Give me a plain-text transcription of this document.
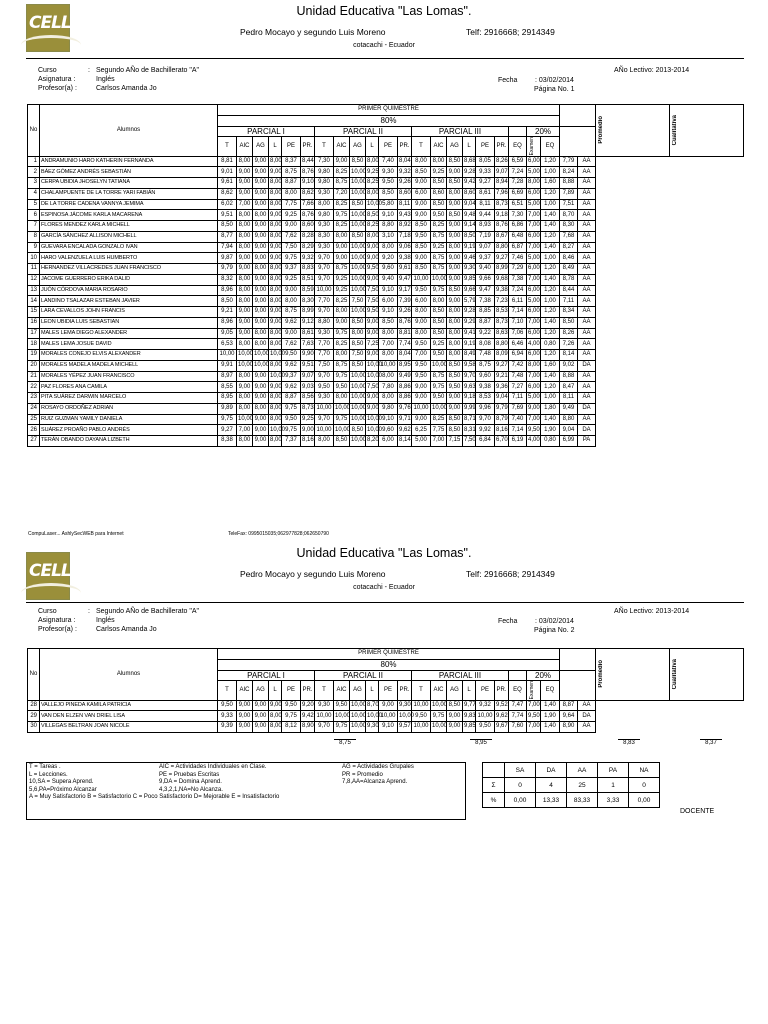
CELL
Unidad Educativa "Las Lomas".
Pedro Mocayo y segundo Luis Moreno	Telf: 2916668; 2914349
cotacachi - Ecuador
Curso	: Segundo AÑo de Bachillerato "A"
Asignatura :	Inglés
Profesor(a) :	Carlsos Amanda Jo
AÑo Lectivo: 2013-2014
Fecha	: 03/02/2014
Página No. 1
No	Alumnos	PRIMER QUIMESTRE																							Promedio	Cualitativa

		80%																								
		PARCIAL I						PARCIAL II						PARCIAL III							20%					
		T	AIC	AG	L	PE	PR.	T	AIC	AG	L	PE	PR.	T	AIC	AG	L	PE	PR.	EQ	Examen	EQ				
1	ANDRAMUNIO HARO KATHERIN FERNANDA	8,81	8,00	9,00	8,00	8,37	8,44	7,30	9,00	8,50	8,00	7,40	8,04	8,00	8,00	8,50	8,68	8,05	8,26	6,59	6,00	1,20	7,79	AA		
2	BÁEZ GÓMEZ ANDRÉS SEBASTIÁN	9,01	9,00	9,00	9,00	8,75	8,76	9,80	8,25	10,00	9,25	9,30	9,32	8,50	9,25	9,00	9,28	9,33	9,07	7,24	5,00	1,00	8,24	AA		
3	CERPA UBIDIA JHOSELYN TATIANA	9,61	9,00	9,00	8,00	8,87	9,10	9,80	8,75	10,00	8,25	9,50	9,26	9,00	8,50	8,50	9,42	9,27	8,94	7,28	8,00	1,60	8,88	AA		
4	CHALAMPUENTE DE LA TORRE YARI FABIÁN	8,62	9,00	9,00	8,00	8,00	8,62	9,30	7,20	10,00	8,00	8,50	8,60	6,00	8,60	8,00	8,60	8,61	7,96	6,69	6,00	1,20	7,89	AA		
5	DE LA TORRE CADENA VANNYA JEMIMA	6,02	7,00	9,00	8,00	7,75	7,66	8,00	8,25	8,50	10,00	5,80	8,11	9,00	8,50	9,00	9,04	8,11	8,73	6,51	5,00	1,00	7,51	AA		
6	ESPINOSA JÁCOME KARLA MACARENA	9,51	8,00	8,00	9,00	9,25	8,76	9,80	9,75	10,00	8,50	9,10	9,43	9,00	9,50	8,50	9,48	9,44	9,18	7,30	7,00	1,40	8,70	AA		
7	FLORES MENDEZ KARLA MICHELL	8,50	8,00	9,00	8,00	9,00	8,60	9,30	8,25	10,00	8,25	8,80	8,92	8,50	8,25	9,00	9,14	8,93	8,76	6,86	7,00	1,40	8,30	AA		
8	GARCÍA SÁNCHEZ ALLISON MICHELL	8,77	8,00	9,00	8,00	7,62	8,28	8,30	8,00	8,50	8,00	3,10	7,18	9,50	8,75	9,00	8,50	7,19	8,67	6,48	6,00	1,20	7,68	AA		
9	GUEVARA ENCALADA GONZALO IVAN	7,94	8,00	9,00	9,00	7,50	8,29	9,30	9,00	10,00	9,00	8,00	9,06	8,50	9,25	8,00	9,19	9,07	8,80	6,87	7,00	1,40	8,27	AA		
10	HARO VALENZUELA LUIS HUMBERTO	9,87	9,00	9,00	9,00	9,75	9,32	9,70	9,00	10,00	9,00	9,20	9,38	9,00	8,75	9,00	9,46	9,37	9,27	7,46	5,00	1,00	8,46	AA		
11	HERNANDEZ VILLACREDES JUAN FRANCISCO	9,79	9,00	8,00	8,00	9,37	8,83	9,70	8,75	10,00	9,50	9,60	9,61	8,50	8,75	9,00	9,30	9,40	8,99	7,29	6,00	1,20	8,49	AA		
12	JACOME GUERRERO ERIKA DALID	8,32	8,00	9,00	8,00	9,25	8,51	9,70	9,25	10,00	9,00	9,40	9,47	10,00	10,00	9,00	9,85	9,66	9,68	7,38	7,00	1,40	8,78	AA		
13	JUÓN CÓRDOVA MARIA ROSARIO	8,96	8,00	9,00	8,00	9,00	8,59	10,00	9,25	10,00	7,50	9,10	9,17	9,50	9,75	8,50	9,66	9,47	9,38	7,24	6,00	1,20	8,44	AA		
14	LANDINO TSALAZAR ESTEBAN JAVIER	8,50	8,00	9,00	8,00	8,00	8,30	7,70	8,25	7,50	7,50	6,00	7,39	6,00	8,00	9,00	5,79	7,38	7,23	6,11	5,00	1,00	7,11	AA		
15	LARA CEVALLOS JOHN FRANCIS	9,21	9,00	9,00	9,00	8,75	8,99	9,70	8,00	10,00	9,50	9,10	9,26	8,00	8,50	8,00	9,28	8,85	8,53	7,14	6,00	1,20	8,34	AA		
16	LEON UBIDIA LUIS SEBASTIAN	8,96	9,00	9,00	9,00	9,62	9,12	8,80	9,00	8,50	9,00	8,50	8,76	9,00	8,50	8,00	9,29	8,87	8,73	7,10	7,00	1,40	8,50	AA		
17	MALES LEMA DIEGO ALEXANDER	9,05	9,00	8,00	8,00	9,00	8,61	9,30	9,75	8,00	9,00	8,00	8,81	8,00	8,50	8,00	9,41	9,22	8,63	7,06	6,00	1,20	8,26	AA		
18	MALES LEMA JOSUE DAVID	6,53	8,00	8,00	8,00	7,62	7,63	7,70	8,25	8,50	7,25	7,00	7,74	9,50	9,25	8,00	9,19	8,08	8,80	6,46	4,00	0,80	7,26	AA		
19	MORALES CONEJO ELVIS ALEXANDER	10,00	10,00	10,00	10,00	9,50	9,90	7,70	8,00	7,50	9,00	8,00	8,04	7,00	9,50	8,00	8,49	7,48	8,09	6,94	6,00	1,20	8,14	AA		
20	MORALES MADELA MADELA MICHELL	9,91	10,00	10,00	8,00	9,62	9,51	7,50	8,75	8,50	10,00	10,00	8,95	9,50	10,00	8,50	9,58	8,75	9,27	7,42	8,00	1,60	9,02	DA		
21	MORALES YÉPEZ JUAN FRANCISCO	8,97	8,00	9,00	10,00	9,37	9,07	9,70	9,75	10,00	10,00	8,00	9,49	9,50	8,75	8,50	9,70	9,60	9,21	7,48	7,00	1,40	8,88	AA		
22	PAZ FLORES ANA CAMILA	8,55	9,00	9,00	9,00	9,62	9,03	9,50	9,50	10,00	7,50	7,80	8,86	9,00	9,75	9,50	9,63	9,38	9,36	7,27	6,00	1,20	8,47	AA		
23	PITA SUÁREZ DARWIN MARCELO	8,95	8,00	9,00	8,00	8,87	8,56	9,30	8,00	10,00	9,00	8,00	8,86	9,00	9,50	9,00	9,18	8,53	9,04	7,11	5,00	1,00	8,11	AA		
24	ROSAYO ORDOÑEZ ADRIAN	9,89	8,00	8,00	8,00	9,75	8,73	10,00	10,00	10,00	9,00	9,80	9,76	10,00	10,00	9,00	9,99	9,96	9,79	7,69	9,00	1,80	9,49	DA		
25	RUIZ GUZMAN YAMILY DANIELA	9,75	10,00	9,00	8,00	9,50	9,25	9,70	9,75	10,00	10,00	9,10	9,71	9,00	8,25	8,50	8,71	9,70	8,79	7,40	7,00	1,40	8,80	AA		
26	SUÁREZ PROAÑO PABLO ANDRÉS	9,27	7,00	9,00	10,00	9,75	9,00	10,00	10,00	8,50	10,00	9,60	9,62	6,25	7,75	8,50	8,31	9,92	8,16	7,14	9,50	1,90	9,04	DA		
27	TERÁN OBANDO DAYANA LIZBETH	8,38	8,00	9,00	8,00	7,37	8,16	8,00	8,50	10,00	8,20	6,00	8,14	5,00	7,00	7,15	7,50	6,84	6,70	6,19	4,00	0,80	6,99	PA		
CompuLaser... AshlySecWEB para Internet	TeleFax: 0995015035;062977828;062650790
CELL
Unidad Educativa "Las Lomas".
Pedro Mocayo y segundo Luis Moreno	Telf: 2916668; 2914349
cotacachi - Ecuador
Curso	: Segundo AÑo de Bachillerato "A"
Asignatura :	Inglés
Profesor(a) :	Carlsos Amanda Jo
AÑo Lectivo: 2013-2014
Fecha	: 03/02/2014
Página No. 2
No	Alumnos	PRIMER QUIMESTRE																							Promedio	Cualitativa

		80%																								
		PARCIAL I						PARCIAL II						PARCIAL III							20%					
		T	AIC	AG	L	PE	PR.	T	AIC	AG	L	PE	PR.	T	AIC	AG	L	PE	PR.	EQ	Examen	EQ				
28	VALLEJO PINEDA KAMILA PATRICIA	9,50	9,00	9,00	9,00	9,50	9,20	9,30	9,50	10,00	8,70	9,00	9,30	10,00	10,00	8,50	9,77	9,32	9,52	7,47	7,00	1,40	8,87	AA		
29	VAN DEN ELZEN VAN DRIEL LISA	9,33	9,00	9,00	8,00	9,75	9,42	10,00	10,00	10,00	10,00	10,00	10,00	9,50	9,75	9,00	9,83	10,00	9,62	7,74	9,50	1,90	9,64	DA		
30	VILLEGAS BELTRAN JOAN NICOLE	9,39	9,00	9,00	8,00	8,12	8,90	9,70	9,75	10,00	9,30	9,10	9,57	10,00	10,00	9,00	9,85	9,50	9,67	7,60	7,00	1,40	8,90	AA		
8,75	8,95	8,83	8,37
T = Tareas .	AIC = Actividades Individuales en Clase.	AG = Actividades Grupales
L = Lecciones.	PE = Pruebas Escritas	PR = Promedio
10,SA = Supera Aprend.	9,DA = Domina Aprend.	7,8,AA=Alcanza Aprend.
5,6,PA=Próximo Alcanzar	4,3,2,1,NA=No Alcanza.
A = Muy Satisfactorio B = Satisfactorio C = Poco Satisfactorio D= Mejorable E = Insatisfactorio
	SA	DA	AA	PA	NA
Σ	0	4	25	1	0
%	0,00	13,33	83,33	3,33	0,00
DOCENTE
